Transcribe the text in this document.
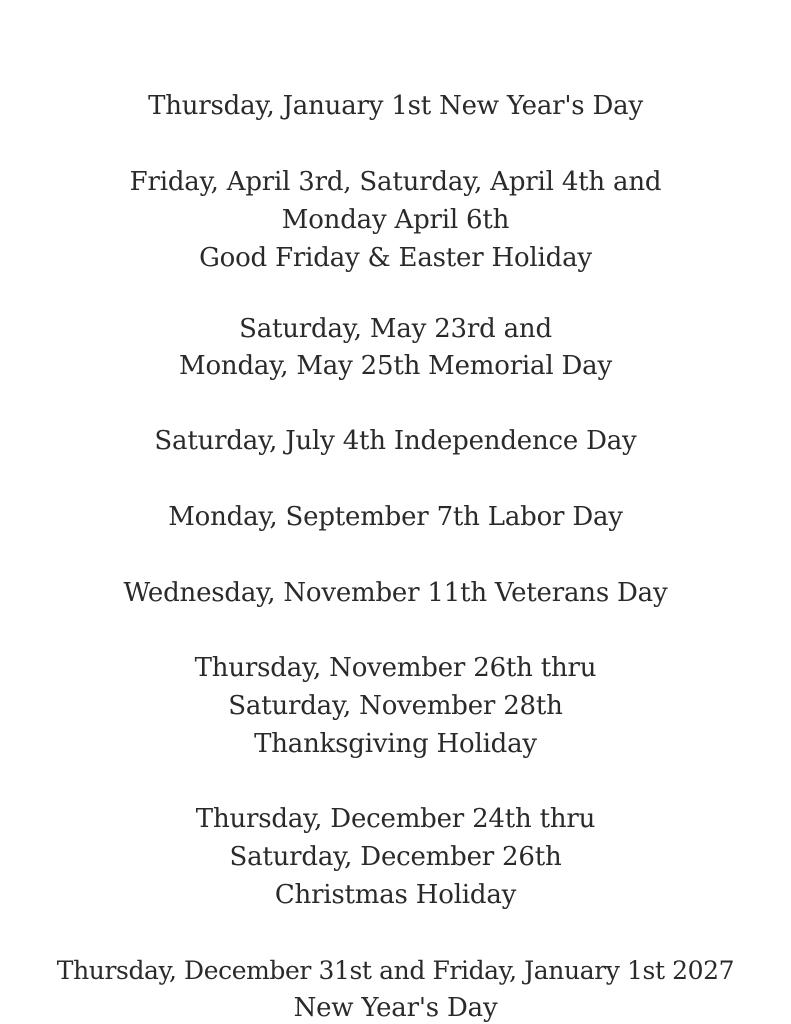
Thursday, January 1st New Year's Day
Friday, April 3rd, Saturday, April 4th and
Monday April 6th
Good Friday & Easter Holiday
Saturday, May 23rd and
Monday, May 25th Memorial Day
Saturday, July 4th Independence Day
Monday, September 7th Labor Day
Wednesday, November 11th Veterans Day
Thursday, November 26th thru
Saturday, November 28th
Thanksgiving Holiday
Thursday, December 24th thru
Saturday, December 26th
Christmas Holiday
Thursday, December 31st and Friday, January 1st 2027
New Year's Day
